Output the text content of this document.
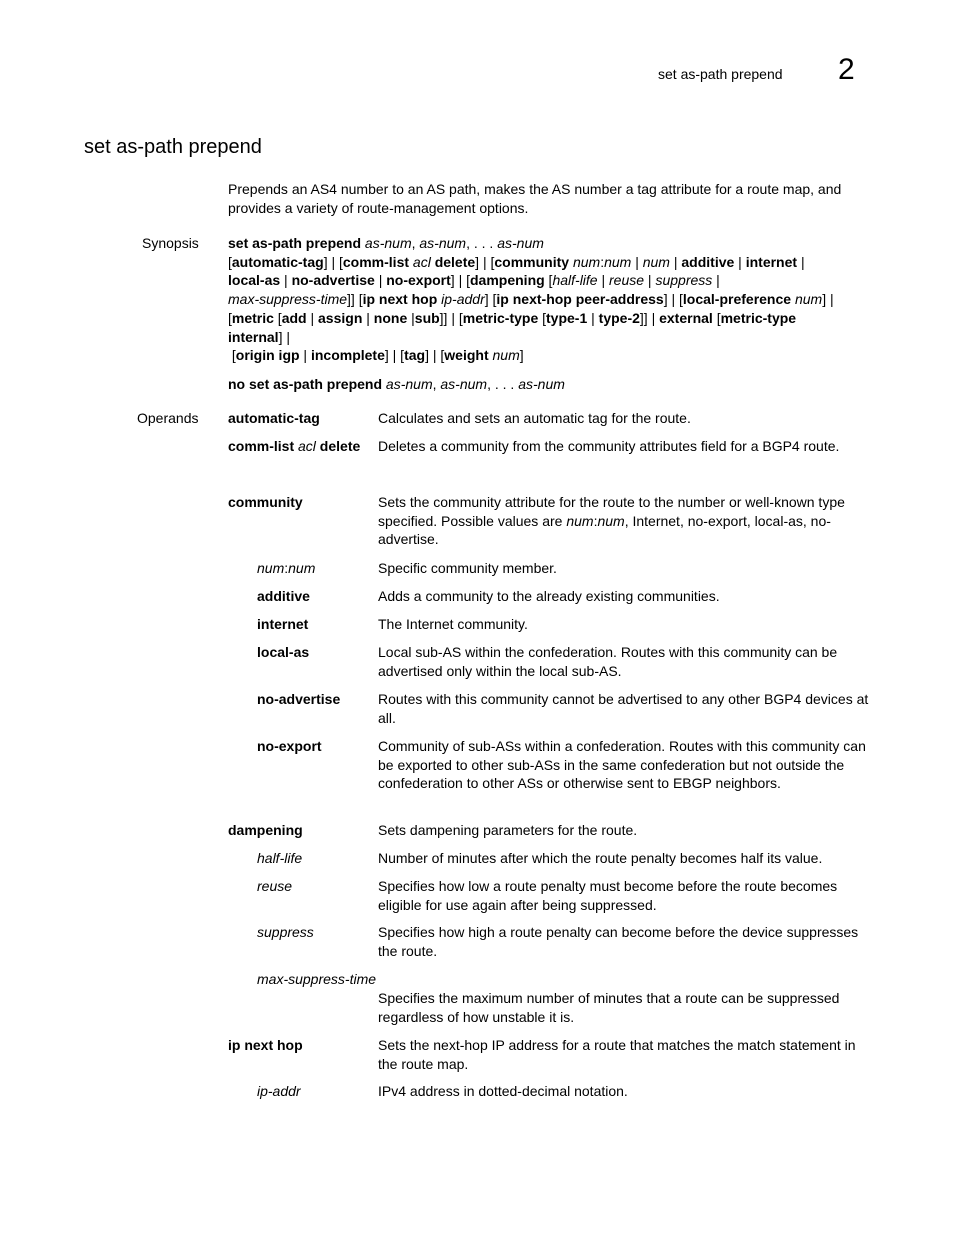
set as-path prepend 2
set as-path prepend
Prepends an AS4 number to an AS path, makes the AS number a tag attribute for a route map, and provides a variety of route-management options.
Synopsis set as-path prepend as-num, as-num, . . . as-num
[automatic-tag] | [comm-list acl delete] | [community num:num | num | additive | internet |
local-as | no-advertise | no-export] | [dampening [half-life | reuse | suppress |
max-suppress-time]] [ip next hop ip-addr] [ip next-hop peer-address] | [local-preference num] |
[metric [add | assign | none |sub]] | [metric-type [type-1 | type-2]] | external [metric-type
internal] |
[origin igp | incomplete] | [tag] | [weight num]
no set as-path prepend as-num, as-num, . . . as-num
Operands automatic-tag
comm-list acl delete
community
num:num
additive
internet
local-as
no-advertise
no-export
dampening
half-life
reuse
suppress
max-suppress-time
ip next hop
ip-addr
Calculates and sets an automatic tag for the route.
Deletes a community from the community attributes field for a BGP4 route.
Sets the community attribute for the route to the number or well-known type specified. Possible values are num:num, Internet, no-export, local-as, no-advertise.
Specific community member.
Adds a community to the already existing communities.
The Internet community.
Local sub-AS within the confederation. Routes with this community can be advertised only within the local sub-AS.
Routes with this community cannot be advertised to any other BGP4 devices at all.
Community of sub-ASs within a confederation. Routes with this community can be exported to other sub-ASs in the same confederation but not outside the confederation to other ASs or otherwise sent to EBGP neighbors.
Sets dampening parameters for the route.
Number of minutes after which the route penalty becomes half its value.
Specifies how low a route penalty must become before the route becomes eligible for use again after being suppressed.
Specifies how high a route penalty can become before the device suppresses the route.
Specifies the maximum number of minutes that a route can be suppressed regardless of how unstable it is.
Sets the next-hop IP address for a route that matches the match statement in the route map.
IPv4 address in dotted-decimal notation.
